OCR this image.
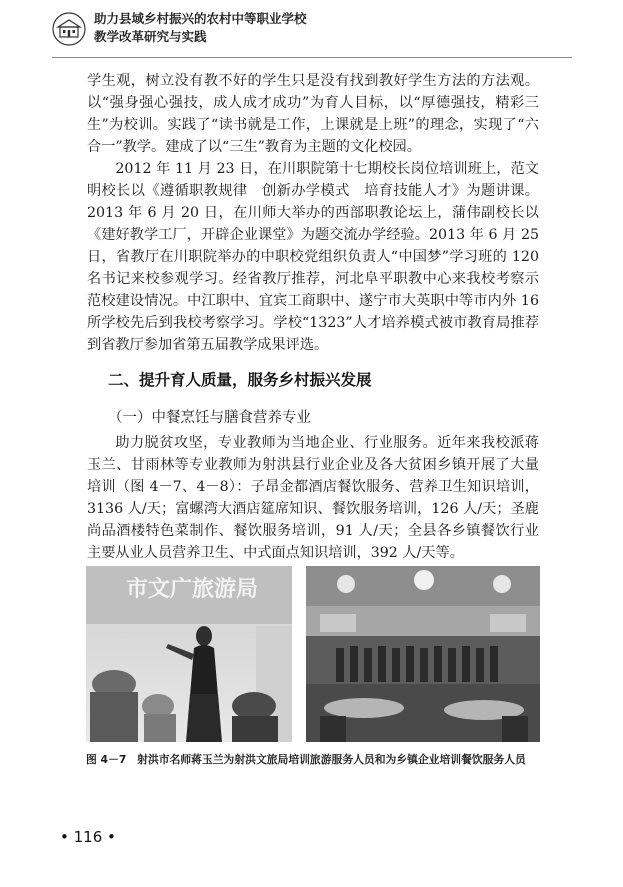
助力县域乡村振兴的农村中等职业学校
教学改革研究与实践

学生观，树立没有教不好的学生只是没有找到教好学生方法的方法观。以“强身强心强技，成人成才成功”为育人目标，以“厚德强技，精彩三生”为校训。实践了“读书就是工作，上课就是上班”的理念，实现了“六合一”教学。建成了以“三生”教育为主题的文化校园。

2012 年 11 月 23 日，在川职院第十七期校长岗位培训班上，范文明校长以《遵循职教规律　创新办学模式　培育技能人才》为题讲课。2013 年 6 月 20 日，在川师大举办的西部职教论坛上，蒲伟副校长以《建好教学工厂，开辟企业课堂》为题交流办学经验。2013 年 6 月 25 日，省教厅在川职院举办的中职校党组织负责人“中国梦”学习班的 120 名书记来校参观学习。经省教厅推荐，河北阜平职教中心来我校考察示范校建设情况。中江职中、宜宾工商职中、遂宁市大英职中等市内外 16 所学校先后到我校考察学习。学校“1323”人才培养模式被市教育局推荐到省教厅参加省第五届教学成果评选。

二、提升育人质量，服务乡村振兴发展
（一）中餐烹饪与膳食营养专业

助力脱贫攻坚，专业教师为当地企业、行业服务。近年来我校派蒋玉兰、甘雨林等专业教师为射洪县行业企业及各大贫困乡镇开展了大量培训（图 4－7、4－8）：子昂金都酒店餐饮服务、营养卫生知识培训，3136 人/天；富螺湾大酒店筵席知识、餐饮服务培训，126 人/天；圣鹿尚品酒楼特色菜制作、餐饮服务培训，91 人/天；全县各乡镇餐饮行业主要从业人员营养卫生、中式面点知识培训，392 人/天等。

市文广旅游局
图 4－7　射洪市名师蒋玉兰为射洪文旅局培训旅游服务人员和为乡镇企业培训餐饮服务人员
• 116 •
